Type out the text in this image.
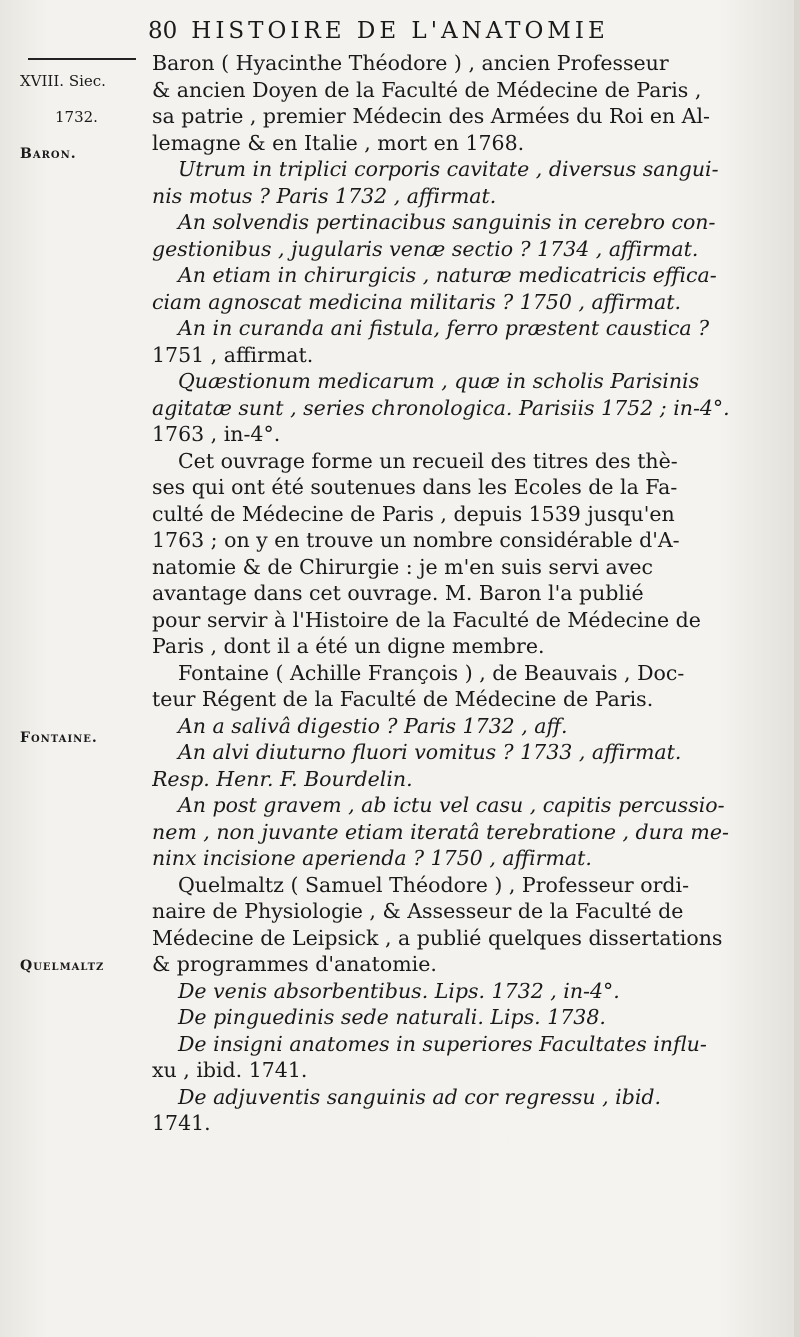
80 HISTOIRE DE L'ANATOMIE
XVIII. Siec.
1732.
Baron.
Fontaine.
Quelmaltz
Baron ( Hyacinthe Théodore ) , ancien Professeur
& ancien Doyen de la Faculté de Médecine de Paris ,
sa patrie , premier Médecin des Armées du Roi en Al-
lemagne & en Italie , mort en 1768.
Utrum in triplici corporis cavitate , diversus sangui-
nis motus ? Paris 1732 , affirmat.
An solvendis pertinacibus sanguinis in cerebro con-
gestionibus , jugularis venæ sectio ? 1734 , affirmat.
An etiam in chirurgicis , naturæ medicatricis effica-
ciam agnoscat medicina militaris ? 1750 , affirmat.
An in curanda ani fistula, ferro præstent caustica ?
1751 , affirmat.
Quæstionum medicarum , quæ in scholis Parisinis
agitatæ sunt , series chronologica. Parisiis 1752 ; in-4°.
1763 , in-4°.
Cet ouvrage forme un recueil des titres des thè-
ses qui ont été soutenues dans les Ecoles de la Fa-
culté de Médecine de Paris , depuis 1539 jusqu'en
1763 ; on y en trouve un nombre considérable d'A-
natomie & de Chirurgie : je m'en suis servi avec
avantage dans cet ouvrage. M. Baron l'a publié
pour servir à l'Histoire de la Faculté de Médecine de
Paris , dont il a été un digne membre.
Fontaine ( Achille François ) , de Beauvais , Doc-
teur Régent de la Faculté de Médecine de Paris.
An a salivâ digestio ? Paris 1732 , aff.
An alvi diuturno fluori vomitus ? 1733 , affirmat.
Resp. Henr. F. Bourdelin.
An post gravem , ab ictu vel casu , capitis percussio-
nem , non juvante etiam iteratâ terebratione , dura me-
ninx incisione aperienda ? 1750 , affirmat.
Quelmaltz ( Samuel Théodore ) , Professeur ordi-
naire de Physiologie , & Assesseur de la Faculté de
Médecine de Leipsick , a publié quelques dissertations
& programmes d'anatomie.
De venis absorbentibus. Lips. 1732 , in-4°.
De pinguedinis sede naturali. Lips. 1738.
De insigni anatomes in superiores Facultates influ-
xu , ibid. 1741.
De adjuventis sanguinis ad cor regressu , ibid.
1741.
